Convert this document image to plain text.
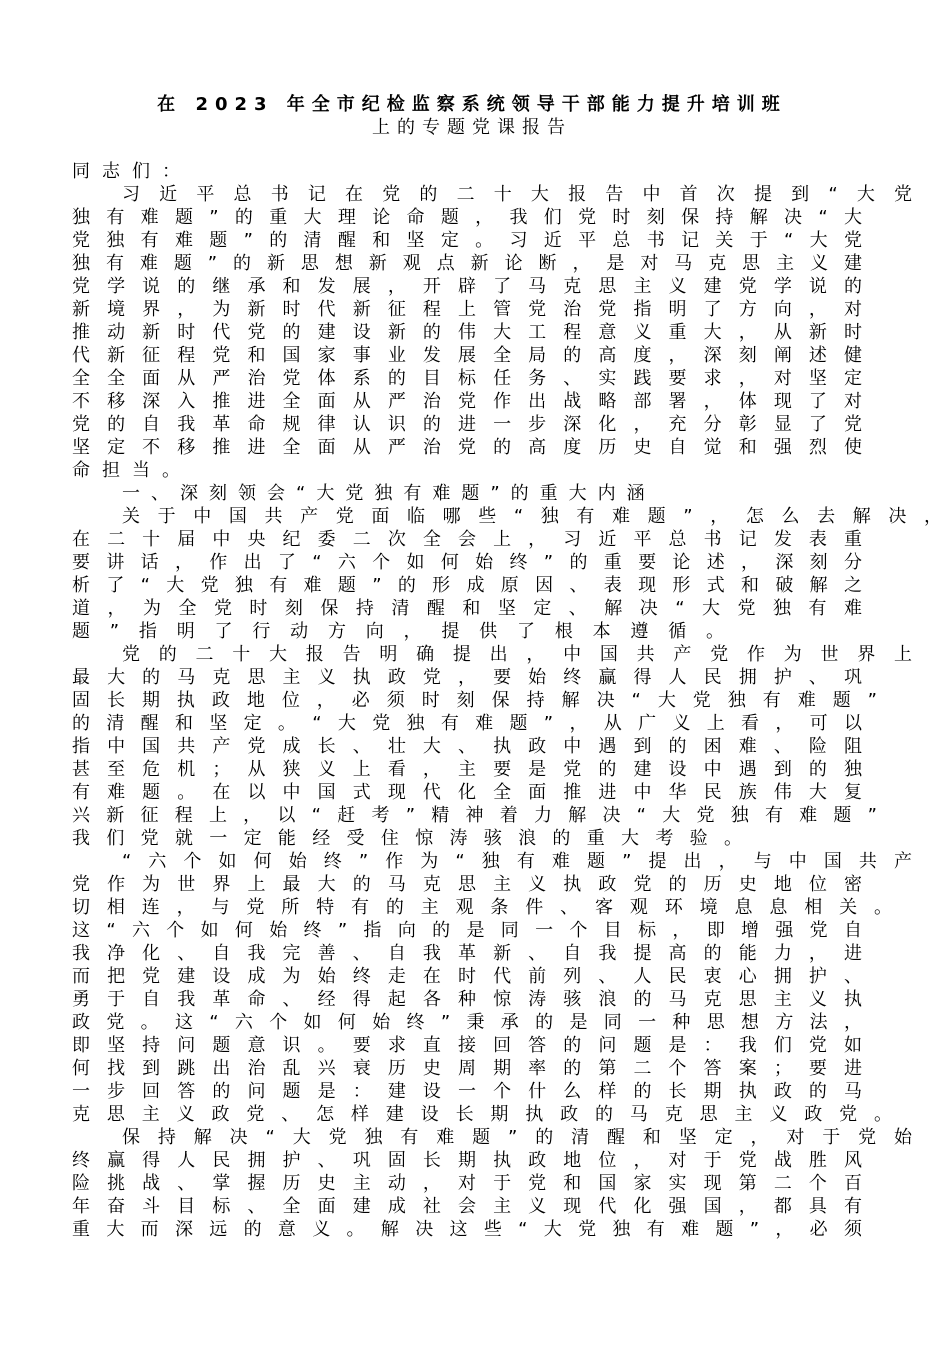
在 2023 年全市纪检监察系统领导干部能力提升培训班
上的专题党课报告
同志们：
习近平总书记在党的二十大报告中首次提到“大党
独有难题”的重大理论命题，我们党时刻保持解决“大
党独有难题”的清醒和坚定。习近平总书记关于“大党
独有难题”的新思想新观点新论断，是对马克思主义建
党学说的继承和发展，开辟了马克思主义建党学说的
新境界，为新时代新征程上管党治党指明了方向，对
推动新时代党的建设新的伟大工程意义重大，从新时
代新征程党和国家事业发展全局的高度，深刻阐述健
全全面从严治党体系的目标任务、实践要求，对坚定
不移深入推进全面从严治党作出战略部署，体现了对
党的自我革命规律认识的进一步深化，充分彰显了党
坚定不移推进全面从严治党的高度历史自觉和强烈使
命担当。
一、深刻领会“大党独有难题”的重大内涵
关于中国共产党面临哪些“独有难题”，怎么去解决，
在二十届中央纪委二次全会上，习近平总书记发表重
要讲话，作出了“六个如何始终”的重要论述，深刻分
析了“大党独有难题”的形成原因、表现形式和破解之
道，为全党时刻保持清醒和坚定、解决“大党独有难
题”指明了行动方向，提供了根本遵循。
党的二十大报告明确提出，中国共产党作为世界上
最大的马克思主义执政党，要始终赢得人民拥护、巩
固长期执政地位，必须时刻保持解决“大党独有难题”
的清醒和坚定。“大党独有难题”，从广义上看，可以
指中国共产党成长、壮大、执政中遇到的困难、险阻
甚至危机；从狭义上看，主要是党的建设中遇到的独
有难题。在以中国式现代化全面推进中华民族伟大复
兴新征程上，以“赶考”精神着力解决“大党独有难题”
我们党就一定能经受住惊涛骇浪的重大考验。
“六个如何始终”作为“独有难题”提出，与中国共产
党作为世界上最大的马克思主义执政党的历史地位密
切相连，与党所特有的主观条件、客观环境息息相关。
这“六个如何始终”指向的是同一个目标，即增强党自
我净化、自我完善、自我革新、自我提高的能力，进
而把党建设成为始终走在时代前列、人民衷心拥护、
勇于自我革命、经得起各种惊涛骇浪的马克思主义执
政党。这“六个如何始终”秉承的是同一种思想方法，
即坚持问题意识。要求直接回答的问题是：我们党如
何找到跳出治乱兴衰历史周期率的第二个答案；要进
一步回答的问题是：建设一个什么样的长期执政的马
克思主义政党、怎样建设长期执政的马克思主义政党。
保持解决“大党独有难题”的清醒和坚定，对于党始
终赢得人民拥护、巩固长期执政地位，对于党战胜风
险挑战、掌握历史主动，对于党和国家实现第二个百
年奋斗目标、全面建成社会主义现代化强国，都具有
重大而深远的意义。解决这些“大党独有难题”，必须
